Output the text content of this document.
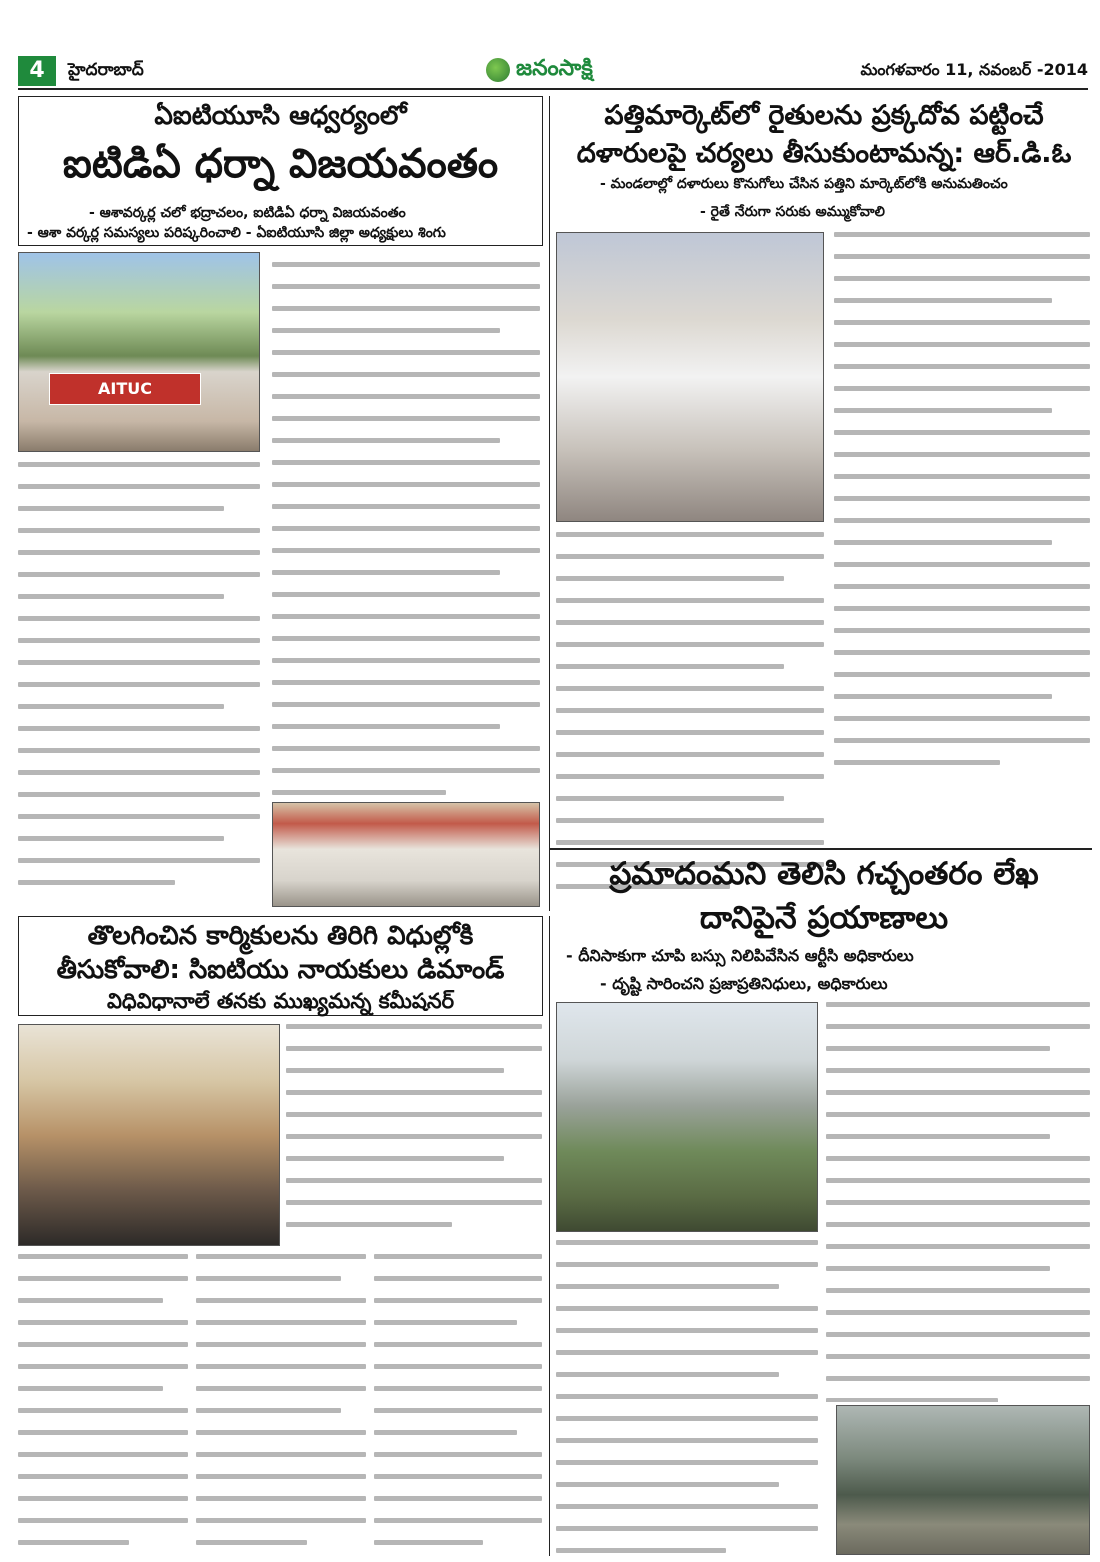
4	హైదరాబాద్	జనంసాక్షి	మంగళవారం 11, నవంబర్ -2014
ఏఐటియూసి ఆధ్వర్యంలో
ఐటిడిఏ ధర్నా విజయవంతం
- ఆశావర్కర్ల చలో భద్రాచలం, ఐటిడిఏ ధర్నా విజయవంతం
- ఆశా వర్కర్ల సమస్యలు పరిష్కరించాలి - ఏఐటియూసి జిల్లా అధ్యక్షులు శింగు
AITUC
పత్తిమార్కెట్‌లో రైతులను ప్రక్కదోవ పట్టించే
దళారులపై చర్యలు తీసుకుంటామన్న: ఆర్.డి.ఓ
- మండలాల్లో దళారులు కొనుగోలు చేసిన పత్తిని మార్కెట్‌లోకి అనుమతించం
- రైతే నేరుగా సరుకు అమ్ముకోవాలి
ప్రమాదంమని తెలిసి గచ్చంతరం లేఖ
దానిపైనే ప్రయాణాలు
- దీనిసాకుగా చూపి బస్సు నిలిపివేసిన ఆర్టీసి అధికారులు
- దృష్టి సారించని ప్రజాప్రతినిధులు, అధికారులు
తొలగించిన కార్మికులను తిరిగి విధుల్లోకి
తీసుకోవాలి: సిఐటియు నాయకులు డిమాండ్
విధివిధానాలే తనకు ముఖ్యమన్న కమీషనర్
